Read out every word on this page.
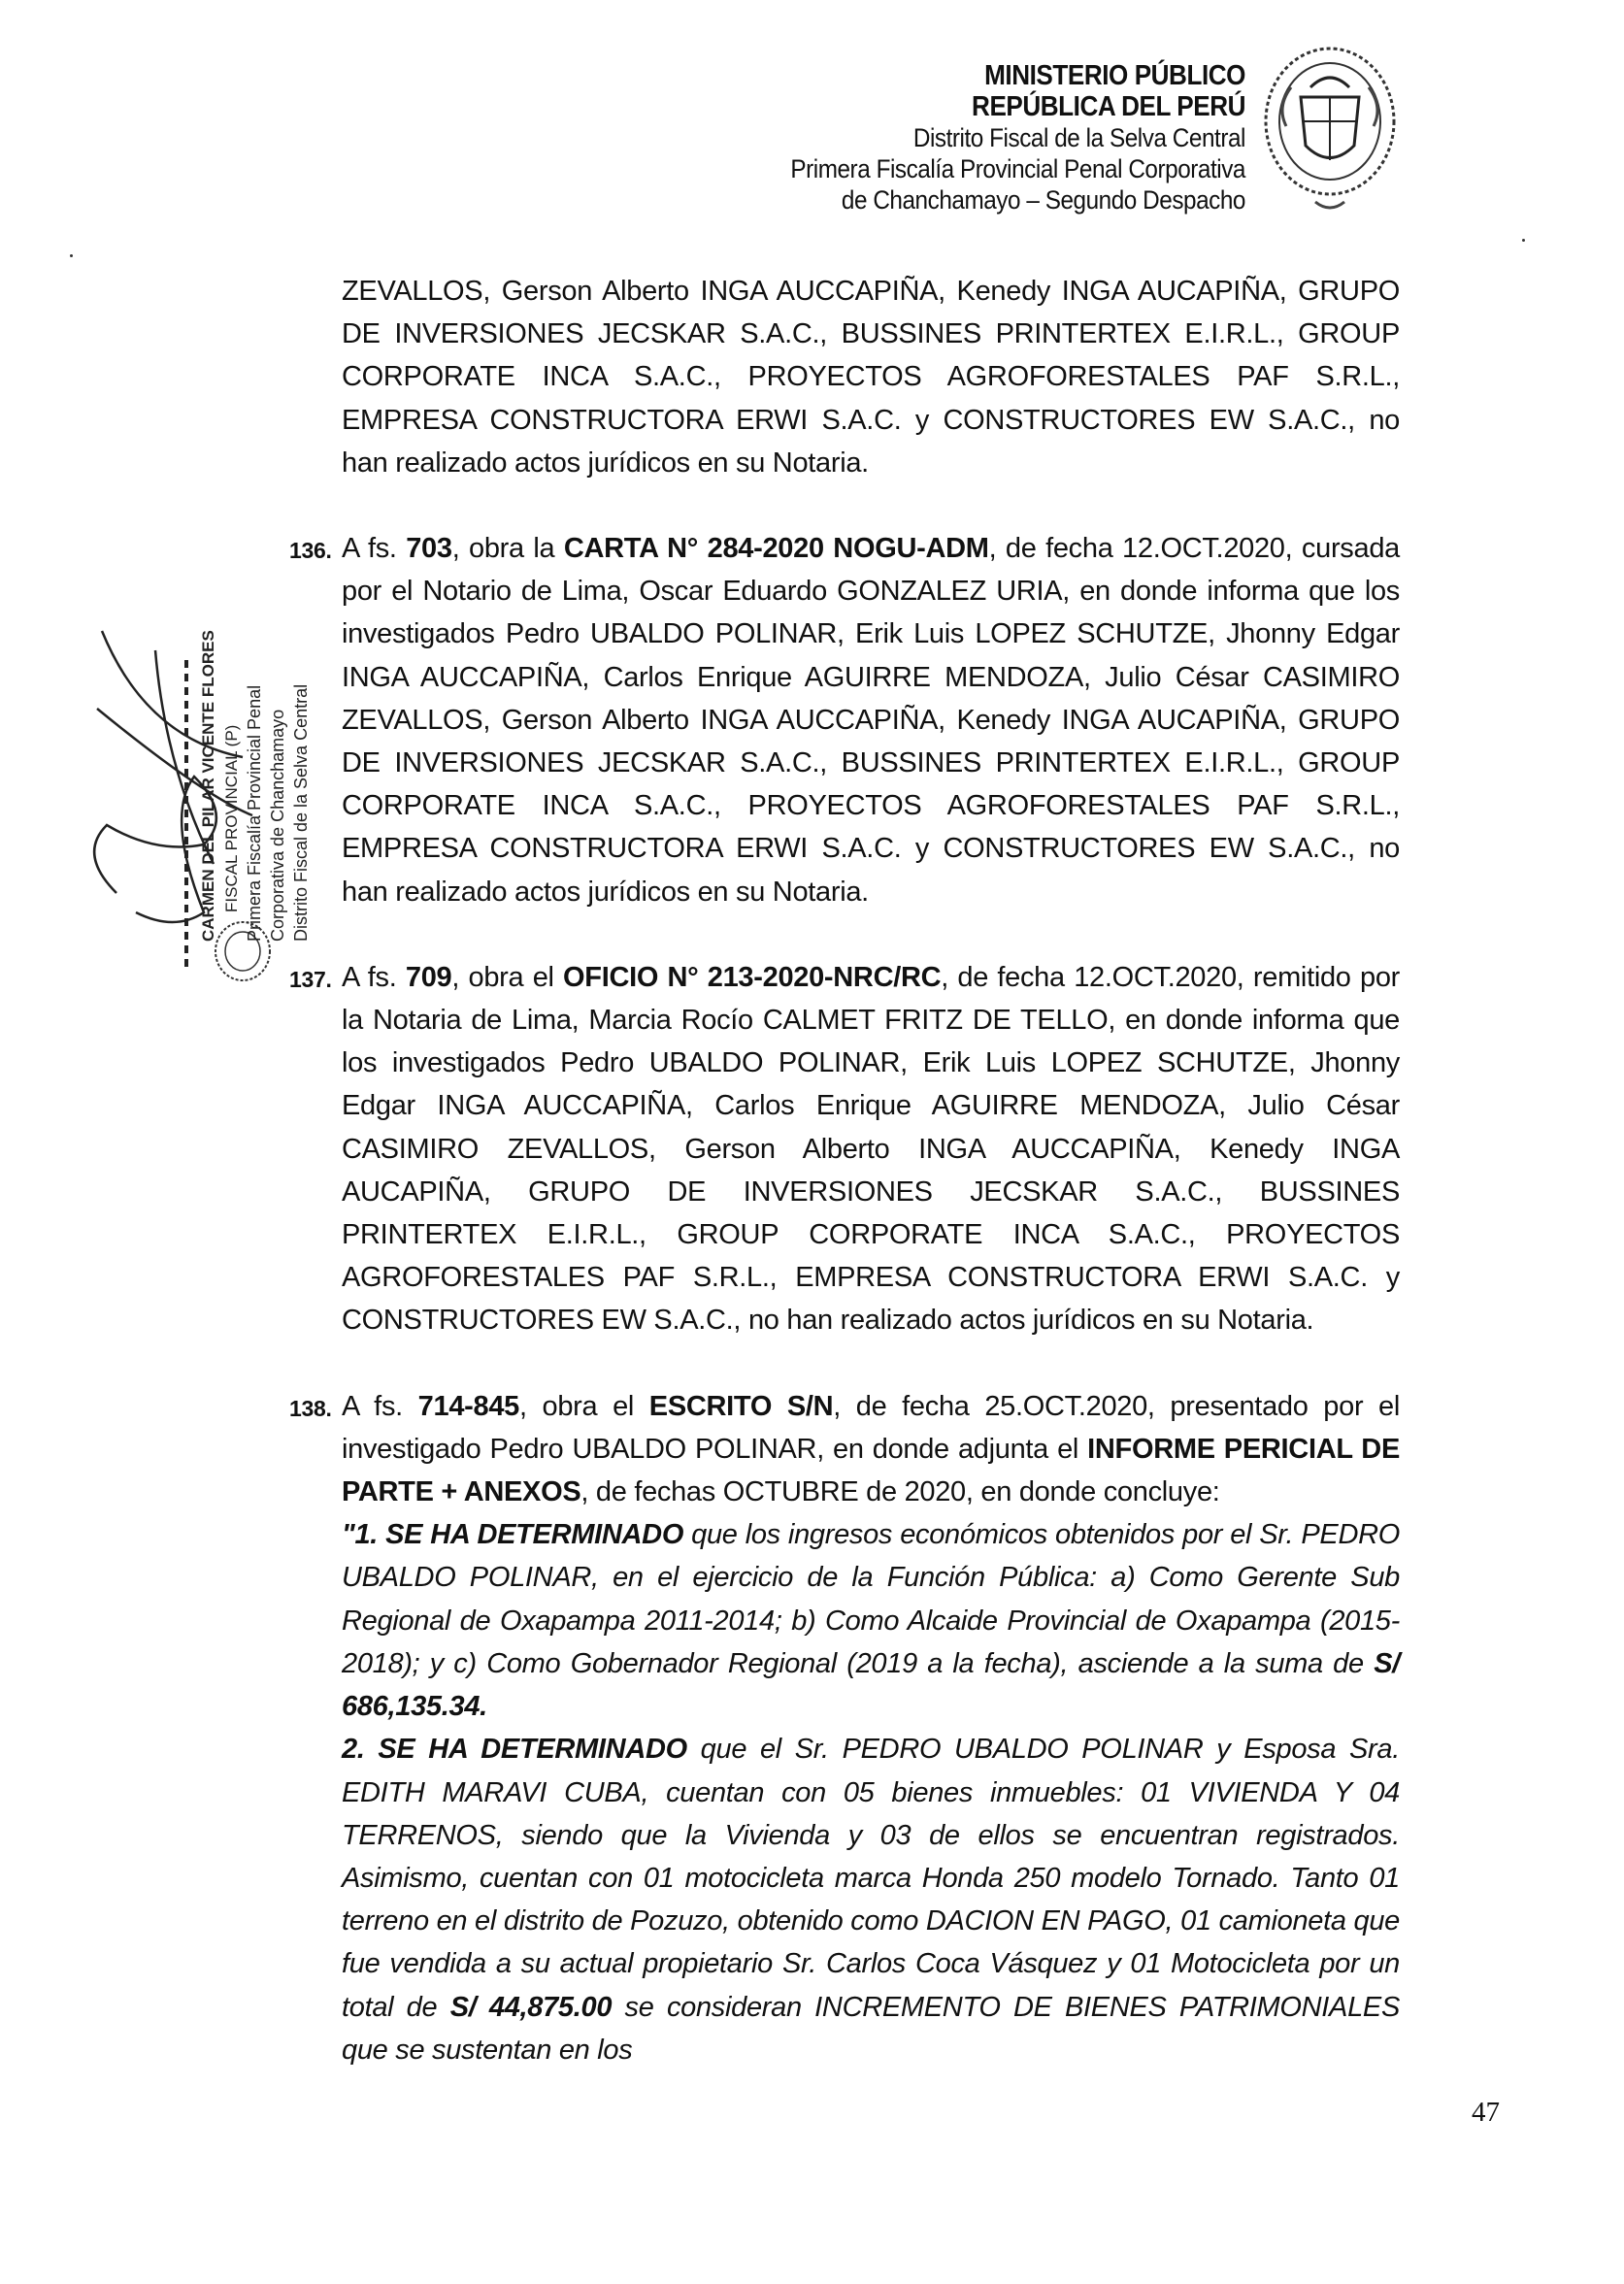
MINISTERIO PÚBLICO
REPÚBLICA DEL PERÚ
Distrito Fiscal de la Selva Central
Primera Fiscalía Provincial Penal Corporativa
de Chanchamayo – Segundo Despacho
CARMEN DEL PILAR VICENTE FLORES FISCAL PROVINCIAL (P) Primera Fiscalía Provincial Penal Corporativa de Chanchamayo Distrito Fiscal de la Selva Central

ZEVALLOS, Gerson Alberto INGA AUCCAPIÑA, Kenedy INGA AUCAPIÑA, GRUPO DE INVERSIONES JECSKAR S.A.C., BUSSINES PRINTERTEX E.I.R.L., GROUP CORPORATE INCA S.A.C., PROYECTOS AGROFORESTALES PAF S.R.L., EMPRESA CONSTRUCTORA ERWI S.A.C. y CONSTRUCTORES EW S.A.C., no han realizado actos jurídicos en su Notaria.

136. A fs. 703, obra la CARTA N° 284-2020 NOGU-ADM, de fecha 12.OCT.2020, cursada por el Notario de Lima, Oscar Eduardo GONZALEZ URIA, en donde informa que los investigados Pedro UBALDO POLINAR, Erik Luis LOPEZ SCHUTZE, Jhonny Edgar INGA AUCCAPIÑA, Carlos Enrique AGUIRRE MENDOZA, Julio César CASIMIRO ZEVALLOS, Gerson Alberto INGA AUCCAPIÑA, Kenedy INGA AUCAPIÑA, GRUPO DE INVERSIONES JECSKAR S.A.C., BUSSINES PRINTERTEX E.I.R.L., GROUP CORPORATE INCA S.A.C., PROYECTOS AGROFORESTALES PAF S.R.L., EMPRESA CONSTRUCTORA ERWI S.A.C. y CONSTRUCTORES EW S.A.C., no han realizado actos jurídicos en su Notaria.

137. A fs. 709, obra el OFICIO N° 213-2020-NRC/RC, de fecha 12.OCT.2020, remitido por la Notaria de Lima, Marcia Rocío CALMET FRITZ DE TELLO, en donde informa que los investigados Pedro UBALDO POLINAR, Erik Luis LOPEZ SCHUTZE, Jhonny Edgar INGA AUCCAPIÑA, Carlos Enrique AGUIRRE MENDOZA, Julio César CASIMIRO ZEVALLOS, Gerson Alberto INGA AUCCAPIÑA, Kenedy INGA AUCAPIÑA, GRUPO DE INVERSIONES JECSKAR S.A.C., BUSSINES PRINTERTEX E.I.R.L., GROUP CORPORATE INCA S.A.C., PROYECTOS AGROFORESTALES PAF S.R.L., EMPRESA CONSTRUCTORA ERWI S.A.C. y CONSTRUCTORES EW S.A.C., no han realizado actos jurídicos en su Notaria.

138. A fs. 714-845, obra el ESCRITO S/N, de fecha 25.OCT.2020, presentado por el investigado Pedro UBALDO POLINAR, en donde adjunta el INFORME PERICIAL DE PARTE + ANEXOS, de fechas OCTUBRE de 2020, en donde concluye:

"1. SE HA DETERMINADO que los ingresos económicos obtenidos por el Sr. PEDRO UBALDO POLINAR, en el ejercicio de la Función Pública: a) Como Gerente Sub Regional de Oxapampa 2011-2014; b) Como Alcaide Provincial de Oxapampa (2015-2018); y c) Como Gobernador Regional (2019 a la fecha), asciende a la suma de S/ 686,135.34.

2. SE HA DETERMINADO que el Sr. PEDRO UBALDO POLINAR y Esposa Sra. EDITH MARAVI CUBA, cuentan con 05 bienes inmuebles: 01 VIVIENDA Y 04 TERRENOS, siendo que la Vivienda y 03 de ellos se encuentran registrados. Asimismo, cuentan con 01 motocicleta marca Honda 250 modelo Tornado. Tanto 01 terreno en el distrito de Pozuzo, obtenido como DACION EN PAGO, 01 camioneta que fue vendida a su actual propietario Sr. Carlos Coca Vásquez y 01 Motocicleta por un total de S/ 44,875.00 se consideran INCREMENTO DE BIENES PATRIMONIALES que se sustentan en los

47
